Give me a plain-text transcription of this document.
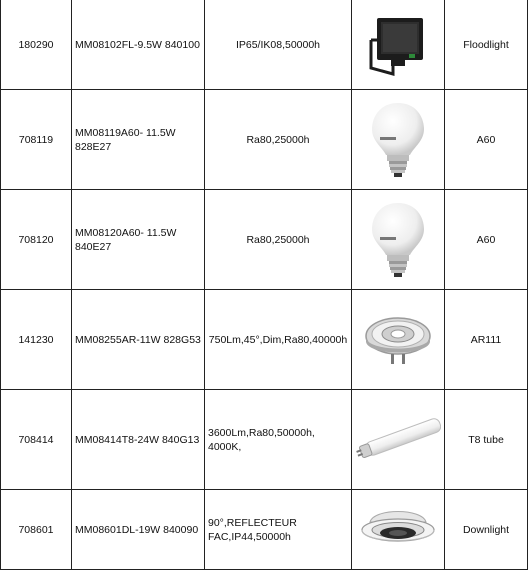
180290	MM08102FL-9.5W 840100	IP65/IK08,50000h		Floodlight
708119	MM08119A60- 11.5W 828E27	Ra80,25000h		A60
708120	MM08120A60- 11.5W 840E27	Ra80,25000h		A60
141230	MM08255AR-11W 828G53	750Lm,45°,Dim,Ra80,40000h		AR111
708414	MM08414T8-24W 840G13	3600Lm,Ra80,50000h, 4000K,		T8 tube
708601	MM08601DL-19W 840090	90°,REFLECTEUR FAC,IP44,50000h		Downlight
